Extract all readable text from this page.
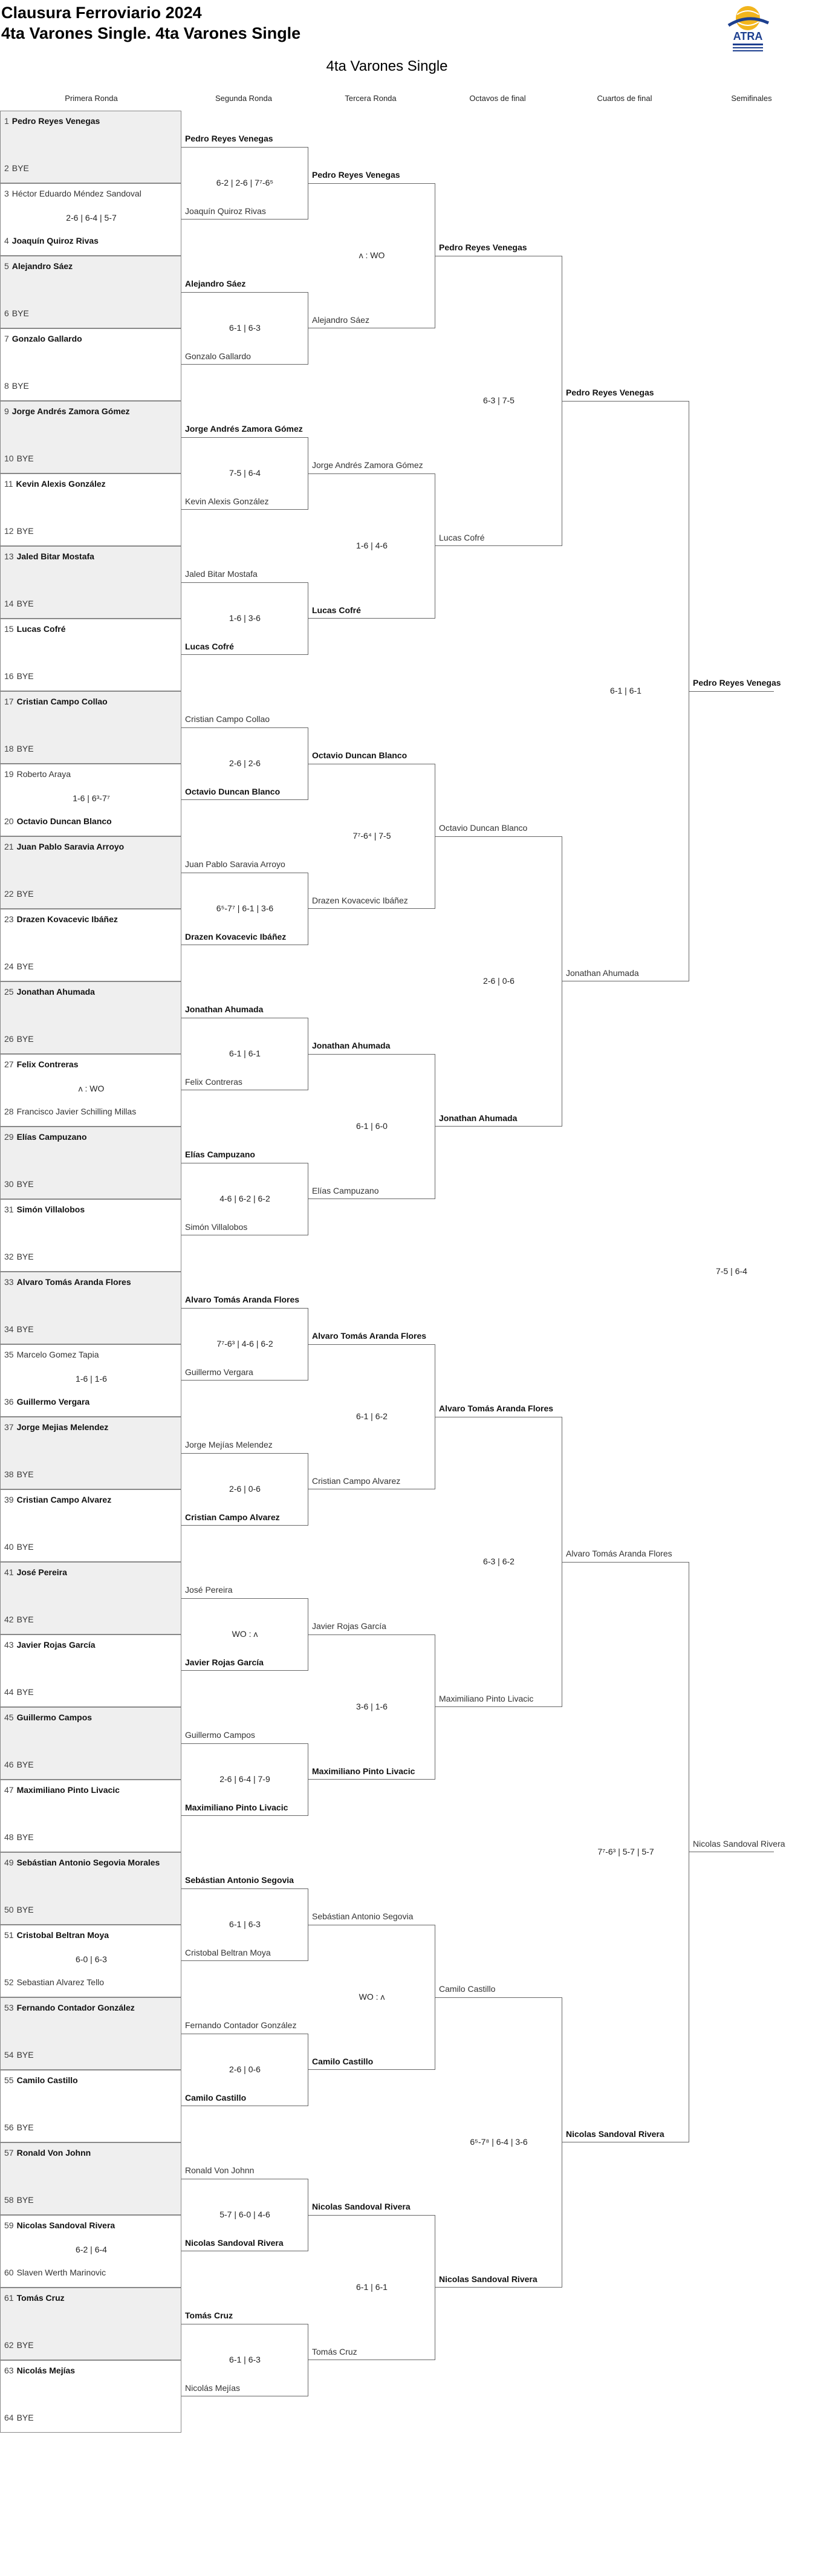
Clausura Ferroviario 2024
4ta Varones Single. 4ta Varones Single	ATRA
4ta Varones Single
Primera Ronda	Segunda Ronda	Tercera Ronda	Octavos de final	Cuartos de final	Semifinales
1 Pedro Reyes Venegas
2 BYE
3 Héctor Eduardo Méndez Sandoval
4 Joaquín Quiroz Rivas
2-6 | 6-4 | 5-7
5 Alejandro Sáez
6 BYE
7 Gonzalo Gallardo
8 BYE
9 Jorge Andrés Zamora Gómez
10 BYE
11 Kevin Alexis González
12 BYE
13 Jaled Bitar Mostafa
14 BYE
15 Lucas Cofré
16 BYE
17 Cristian Campo Collao
18 BYE
19 Roberto Araya
20 Octavio Duncan Blanco
1-6 | 6³-7⁷
21 Juan Pablo Saravia Arroyo
22 BYE
23 Drazen Kovacevic Ibáñez
24 BYE
25 Jonathan Ahumada
26 BYE
27 Felix Contreras
28 Francisco Javier Schilling Millas
ʌ : WO
29 Elías Campuzano
30 BYE
31 Simón Villalobos
32 BYE
33 Alvaro Tomás Aranda Flores
34 BYE
35 Marcelo Gomez Tapia
36 Guillermo Vergara
1-6 | 1-6
37 Jorge Mejias Melendez
38 BYE
39 Cristian Campo Alvarez
40 BYE
41 José Pereira
42 BYE
43 Javier Rojas García
44 BYE
45 Guillermo Campos
46 BYE
47 Maximiliano Pinto Livacic
48 BYE
49 Sebástian Antonio Segovia Morales
50 BYE
51 Cristobal Beltran Moya
52 Sebastian Alvarez Tello
6-0 | 6-3
53 Fernando Contador González
54 BYE
55 Camilo Castillo
56 BYE
57 Ronald Von Johnn
58 BYE
59 Nicolas Sandoval Rivera
60 Slaven Werth Marinovic
6-2 | 6-4
61 Tomás Cruz
62 BYE
63 Nicolás Mejías
64 BYE
Pedro Reyes Venegas
Joaquín Quiroz Rivas
6-2 | 2-6 | 7⁷-6⁵
Alejandro Sáez
Gonzalo Gallardo
6-1 | 6-3
Jorge Andrés Zamora Gómez
Kevin Alexis González
7-5 | 6-4
Jaled Bitar Mostafa
Lucas Cofré
1-6 | 3-6
Cristian Campo Collao
Octavio Duncan Blanco
2-6 | 2-6
Juan Pablo Saravia Arroyo
Drazen Kovacevic Ibáñez
6⁵-7⁷ | 6-1 | 3-6
Jonathan Ahumada
Felix Contreras
6-1 | 6-1
Elías Campuzano
Simón Villalobos
4-6 | 6-2 | 6-2
Alvaro Tomás Aranda Flores
Guillermo Vergara
7⁷-6³ | 4-6 | 6-2
Jorge Mejías Melendez
Cristian Campo Alvarez
2-6 | 0-6
José Pereira
Javier Rojas García
WO : ʌ
Guillermo Campos
Maximiliano Pinto Livacic
2-6 | 6-4 | 7-9
Sebástian Antonio Segovia
Cristobal Beltran Moya
6-1 | 6-3
Fernando Contador González
Camilo Castillo
2-6 | 0-6
Ronald Von Johnn
Nicolas Sandoval Rivera
5-7 | 6-0 | 4-6
Tomás Cruz
Nicolás Mejías
6-1 | 6-3
Pedro Reyes Venegas
Alejandro Sáez
ʌ : WO
Jorge Andrés Zamora Gómez
Lucas Cofré
1-6 | 4-6
Octavio Duncan Blanco
Drazen Kovacevic Ibáñez
7⁷-6⁴ | 7-5
Jonathan Ahumada
Elías Campuzano
6-1 | 6-0
Alvaro Tomás Aranda Flores
Cristian Campo Alvarez
6-1 | 6-2
Javier Rojas García
Maximiliano Pinto Livacic
3-6 | 1-6
Sebástian Antonio Segovia
Camilo Castillo
WO : ʌ
Nicolas Sandoval Rivera
Tomás Cruz
6-1 | 6-1
Pedro Reyes Venegas
Lucas Cofré
6-3 | 7-5
Octavio Duncan Blanco
Jonathan Ahumada
2-6 | 0-6
Alvaro Tomás Aranda Flores
Maximiliano Pinto Livacic
6-3 | 6-2
Camilo Castillo
Nicolas Sandoval Rivera
6⁵-7⁸ | 6-4 | 3-6
Pedro Reyes Venegas
Jonathan Ahumada
6-1 | 6-1
Alvaro Tomás Aranda Flores
Nicolas Sandoval Rivera
7⁷-6³ | 5-7 | 5-7
Pedro Reyes Venegas
Nicolas Sandoval Rivera
7-5 | 6-4
